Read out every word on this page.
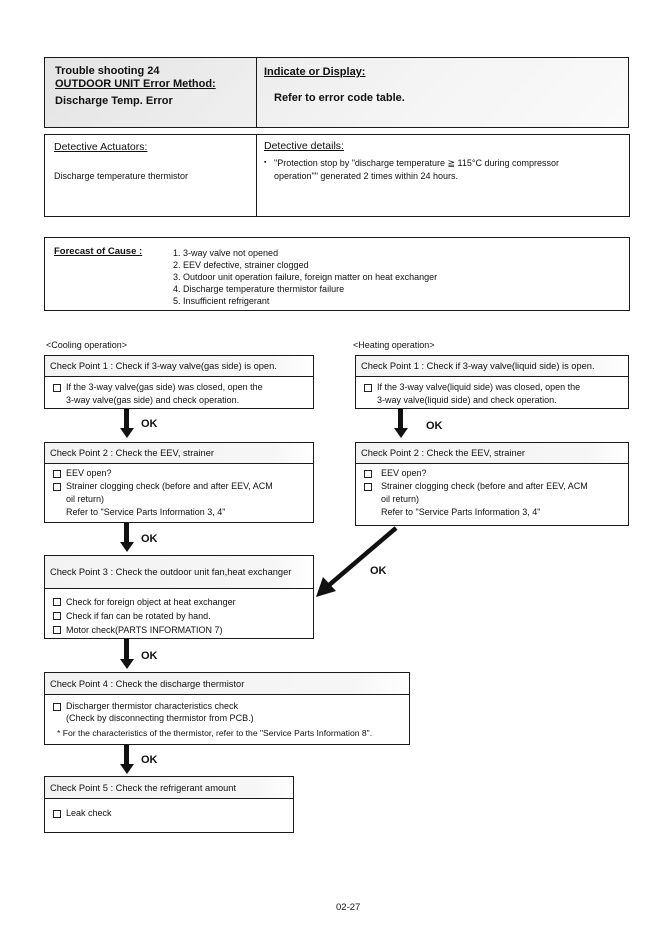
Trouble shooting 24
OUTDOOR UNIT Error Method:
Discharge Temp. Error
Indicate or Display:
Refer to error code table.
Detective Actuators:
Discharge temperature thermistor
Detective details:
▪ "Protection stop by "discharge temperature ≧ 115°C during compressor
operation"" generated 2 times within 24 hours.
Forecast of Cause :	1. 3-way valve not opened
2. EEV defective, strainer clogged
3. Outdoor unit operation failure, foreign matter on heat exchanger
4. Discharge temperature thermistor failure
5. Insufficient refrigerant
<Cooling operation>	<Heating operation>
Check Point 1 : Check if 3-way valve(gas side) is open.
If the 3-way valve(gas side) was closed, open the
3-way valve(gas side) and check operation.
Check Point 1 : Check if 3-way valve(liquid side) is open.
If the 3-way valve(liquid side) was closed, open the
3-way valve(liquid side) and check operation.
OK	OK
Check Point 2 : Check the EEV, strainer
EEV open?
Strainer clogging check (before and after EEV, ACM
oil return)
Refer to "Service Parts Information 3, 4"
Check Point 2 : Check the EEV, strainer
EEV open?
Strainer clogging check (before and after EEV, ACM
oil return)
Refer to "Service Parts Information 3, 4"
OK
OK
Check Point 3 : Check the outdoor unit fan,heat exchanger
Check for foreign object at heat exchanger
Check if fan can be rotated by hand.
Motor check(PARTS INFORMATION 7)
OK
Check Point 4 : Check the discharge thermistor
Discharger thermistor characteristics check
(Check by disconnecting thermistor from PCB.)
* For the characteristics of the thermistor, refer to the "Service Parts Information 8".
OK
Check Point 5 : Check the refrigerant amount
Leak check
02-27
